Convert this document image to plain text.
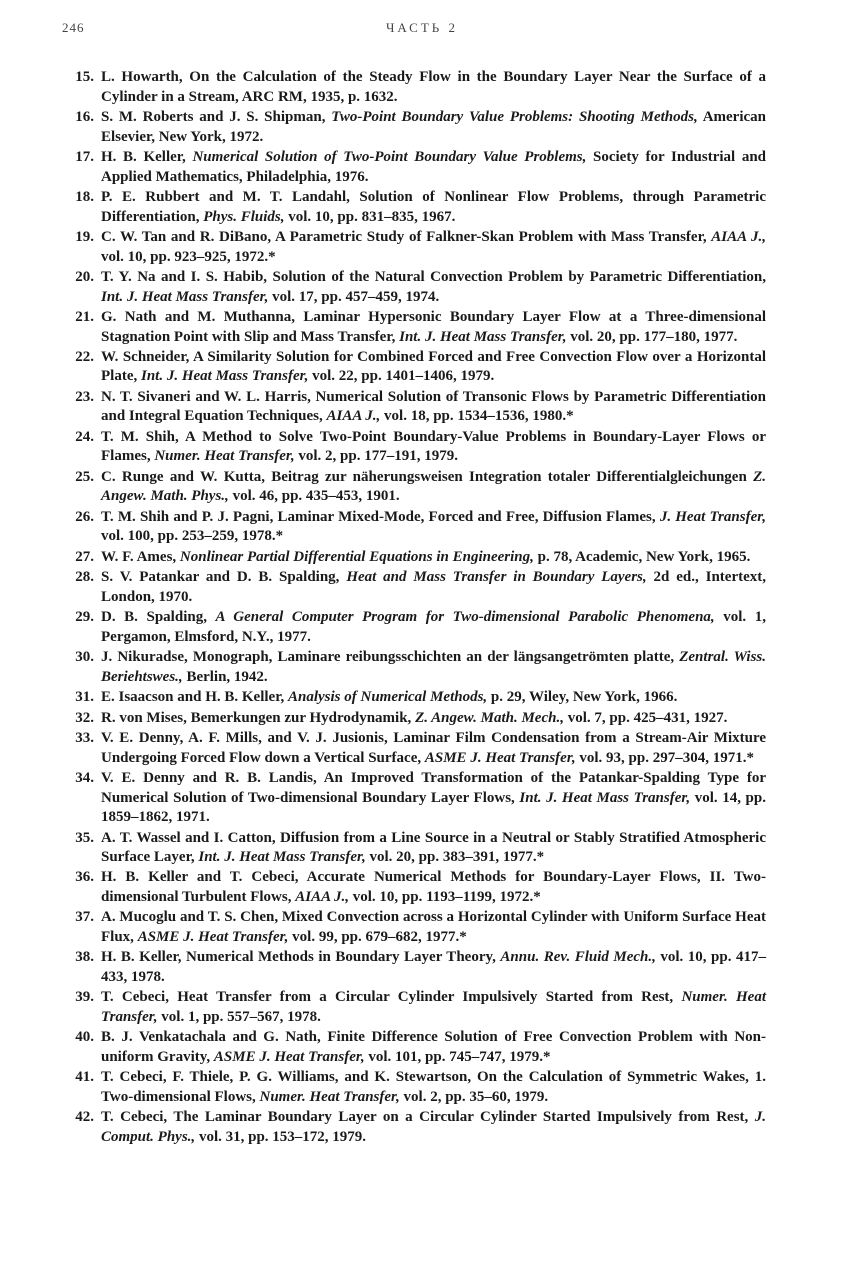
246	ЧАСТЬ 2
15. L. Howarth, On the Calculation of the Steady Flow in the Boundary Layer Near the Surface of a Cylinder in a Stream, ARC RM, 1935, p. 1632.
16. S. M. Roberts and J. S. Shipman, Two-Point Boundary Value Problems: Shooting Methods, American Elsevier, New York, 1972.
17. H. B. Keller, Numerical Solution of Two-Point Boundary Value Problems, Society for Industrial and Applied Mathematics, Philadelphia, 1976.
18. P. E. Rubbert and M. T. Landahl, Solution of Nonlinear Flow Problems, through Parametric Differentiation, Phys. Fluids, vol. 10, pp. 831–835, 1967.
19. C. W. Tan and R. DiBano, A Parametric Study of Falkner-Skan Problem with Mass Transfer, AIAA J., vol. 10, pp. 923–925, 1972.*
20. T. Y. Na and I. S. Habib, Solution of the Natural Convection Problem by Parametric Differentiation, Int. J. Heat Mass Transfer, vol. 17, pp. 457–459, 1974.
21. G. Nath and M. Muthanna, Laminar Hypersonic Boundary Layer Flow at a Three-dimensional Stagnation Point with Slip and Mass Transfer, Int. J. Heat Mass Transfer, vol. 20, pp. 177–180, 1977.
22. W. Schneider, A Similarity Solution for Combined Forced and Free Convection Flow over a Horizontal Plate, Int. J. Heat Mass Transfer, vol. 22, pp. 1401–1406, 1979.
23. N. T. Sivaneri and W. L. Harris, Numerical Solution of Transonic Flows by Parametric Differentiation and Integral Equation Techniques, AIAA J., vol. 18, pp. 1534–1536, 1980.*
24. T. M. Shih, A Method to Solve Two-Point Boundary-Value Problems in Boundary-Layer Flows or Flames, Numer. Heat Transfer, vol. 2, pp. 177–191, 1979.
25. C. Runge and W. Kutta, Beitrag zur näherungsweisen Integration totaler Differentialgleichungen Z. Angew. Math. Phys., vol. 46, pp. 435–453, 1901.
26. T. M. Shih and P. J. Pagni, Laminar Mixed-Mode, Forced and Free, Diffusion Flames, J. Heat Transfer, vol. 100, pp. 253–259, 1978.*
27. W. F. Ames, Nonlinear Partial Differential Equations in Engineering, p. 78, Academic, New York, 1965.
28. S. V. Patankar and D. B. Spalding, Heat and Mass Transfer in Boundary Layers, 2d ed., Intertext, London, 1970.
29. D. B. Spalding, A General Computer Program for Two-dimensional Parabolic Phenomena, vol. 1, Pergamon, Elmsford, N.Y., 1977.
30. J. Nikuradse, Monograph, Laminare reibungsschichten an der längsangetrömten platte, Zentral. Wiss. Beriehtswes., Berlin, 1942.
31. E. Isaacson and H. B. Keller, Analysis of Numerical Methods, p. 29, Wiley, New York, 1966.
32. R. von Mises, Bemerkungen zur Hydrodynamik, Z. Angew. Math. Mech., vol. 7, pp. 425–431, 1927.
33. V. E. Denny, A. F. Mills, and V. J. Jusionis, Laminar Film Condensation from a Stream-Air Mixture Undergoing Forced Flow down a Vertical Surface, ASME J. Heat Transfer, vol. 93, pp. 297–304, 1971.*
34. V. E. Denny and R. B. Landis, An Improved Transformation of the Patankar-Spalding Type for Numerical Solution of Two-dimensional Boundary Layer Flows, Int. J. Heat Mass Transfer, vol. 14, pp. 1859–1862, 1971.
35. A. T. Wassel and I. Catton, Diffusion from a Line Source in a Neutral or Stably Stratified Atmospheric Surface Layer, Int. J. Heat Mass Transfer, vol. 20, pp. 383–391, 1977.*
36. H. B. Keller and T. Cebeci, Accurate Numerical Methods for Boundary-Layer Flows, II. Two-dimensional Turbulent Flows, AIAA J., vol. 10, pp. 1193–1199, 1972.*
37. A. Mucoglu and T. S. Chen, Mixed Convection across a Horizontal Cylinder with Uniform Surface Heat Flux, ASME J. Heat Transfer, vol. 99, pp. 679–682, 1977.*
38. H. B. Keller, Numerical Methods in Boundary Layer Theory, Annu. Rev. Fluid Mech., vol. 10, pp. 417–433, 1978.
39. T. Cebeci, Heat Transfer from a Circular Cylinder Impulsively Started from Rest, Numer. Heat Transfer, vol. 1, pp. 557–567, 1978.
40. B. J. Venkatachala and G. Nath, Finite Difference Solution of Free Convection Problem with Non-uniform Gravity, ASME J. Heat Transfer, vol. 101, pp. 745–747, 1979.*
41. T. Cebeci, F. Thiele, P. G. Williams, and K. Stewartson, On the Calculation of Symmetric Wakes, 1. Two-dimensional Flows, Numer. Heat Transfer, vol. 2, pp. 35–60, 1979.
42. T. Cebeci, The Laminar Boundary Layer on a Circular Cylinder Started Impulsively from Rest, J. Comput. Phys., vol. 31, pp. 153–172, 1979.
